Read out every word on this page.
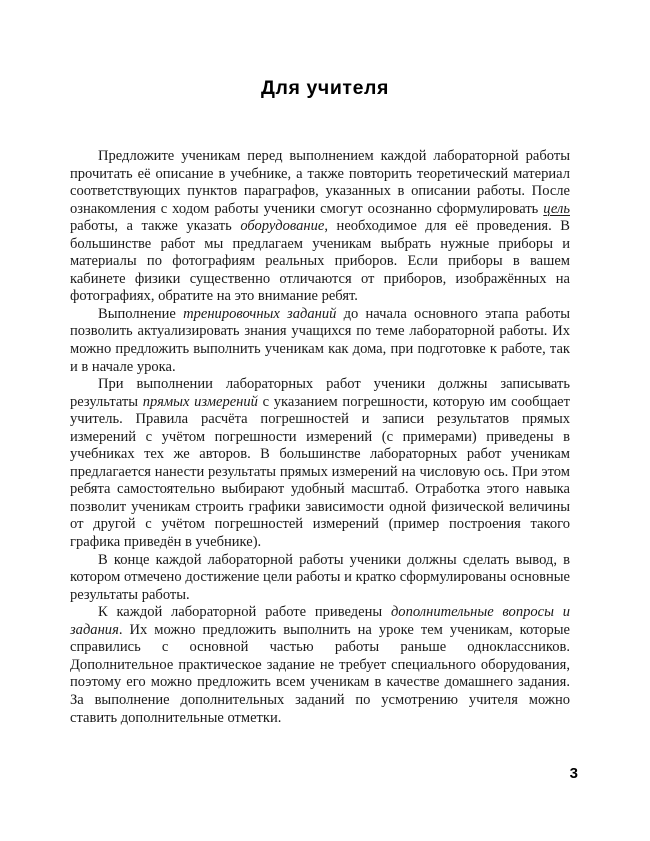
Для учителя

Предложите ученикам перед выполнением каждой лабораторной работы прочитать её описание в учебнике, а также повторить теоретический материал соответствующих пунктов параграфов, указанных в описании работы. После ознакомления с ходом работы ученики смогут осознанно сформулировать цель работы, а также указать оборудование, необходимое для её проведения. В большинстве работ мы предлагаем ученикам выбрать нужные приборы и материалы по фотографиям реальных приборов. Если приборы в вашем кабинете физики существенно отличаются от приборов, изображённых на фотографиях, обратите на это внимание ребят.

Выполнение тренировочных заданий до начала основного этапа работы позволить актуализировать знания учащихся по теме лабораторной работы. Их можно предложить выполнить ученикам как дома, при подготовке к работе, так и в начале урока.

При выполнении лабораторных работ ученики должны записывать результаты прямых измерений с указанием погрешности, которую им сообщает учитель. Правила расчёта погрешностей и записи результатов прямых измерений с учётом погрешности измерений (с примерами) приведены в учебниках тех же авторов. В большинстве лабораторных работ ученикам предлагается нанести результаты прямых измерений на числовую ось. При этом ребята самостоятельно выбирают удобный масштаб. Отработка этого навыка позволит ученикам строить графики зависимости одной физической величины от другой с учётом погрешностей измерений (пример построения такого графика приведён в учебнике).

В конце каждой лабораторной работы ученики должны сделать вывод, в котором отмечено достижение цели работы и кратко сформулированы основные результаты работы.

К каждой лабораторной работе приведены дополнительные вопросы и задания. Их можно предложить выполнить на уроке тем ученикам, которые справились с основной частью работы раньше одноклассников. Дополнительное практическое задание не требует специального оборудования, поэтому его можно предложить всем ученикам в качестве домашнего задания. За выполнение дополнительных заданий по усмотрению учителя можно ставить дополнительные отметки.

3
